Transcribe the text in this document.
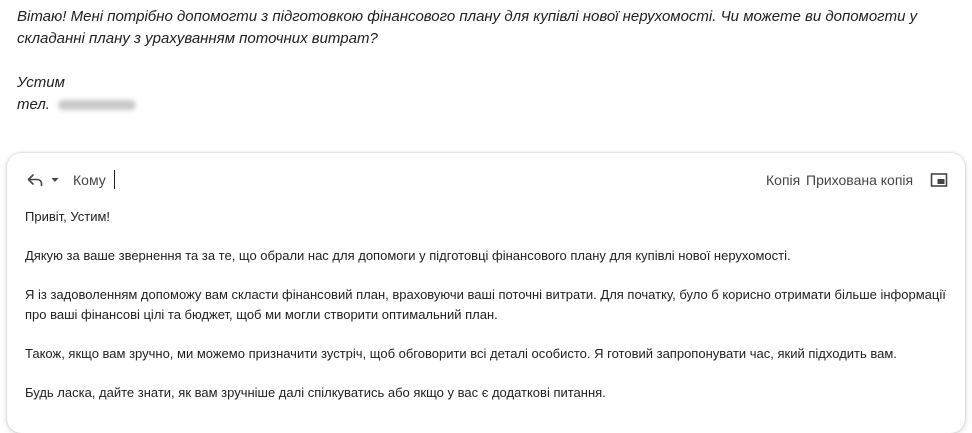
Вітаю! Мені потрібно допомогти з підготовкою фінансового плану для купівлі нової нерухомості. Чи можете ви допомогти у

складанні плану з урахуванням поточних витрат?

Устим

тел.
Кому	Копія Прихована копія

Привіт, Устим!

Дякую за ваше звернення та за те, що обрали нас для допомоги у підготовці фінансового плану для купівлі нової нерухомості.

Я із задоволенням допоможу вам скласти фінансовий план, враховуючи ваші поточні витрати. Для початку, було б корисно отримати більше інформації

про ваші фінансові цілі та бюджет, щоб ми могли створити оптимальний план.

Також, якщо вам зручно, ми можемо призначити зустріч, щоб обговорити всі деталі особисто. Я готовий запропонувати час, який підходить вам.

Будь ласка, дайте знати, як вам зручніше далі спілкуватись або якщо у вас є додаткові питання.
